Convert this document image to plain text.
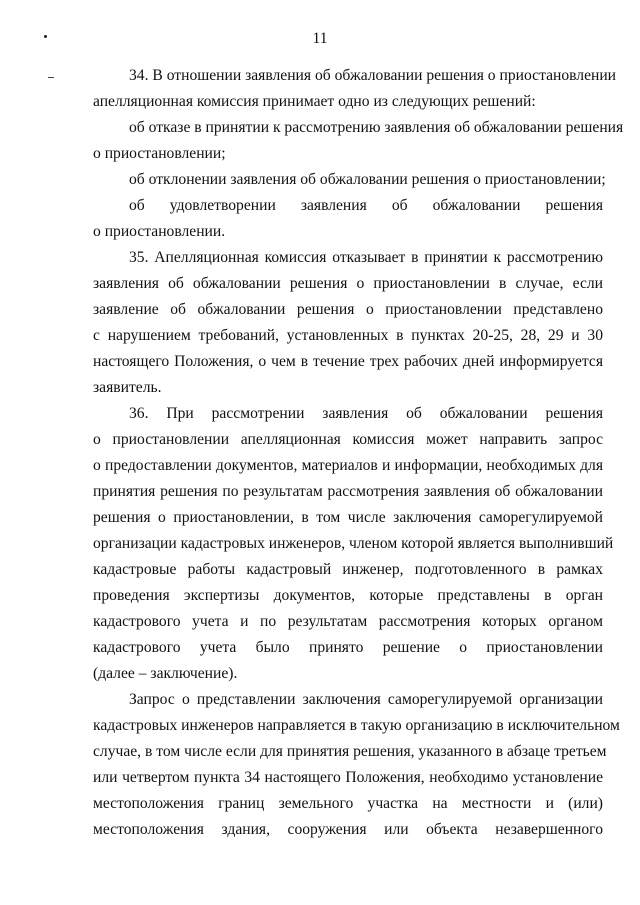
11
34. В отношении заявления об обжаловании решения о приостановлении
апелляционная комиссия принимает одно из следующих решений:
об отказе в принятии к рассмотрению заявления об обжаловании решения
о приостановлении;
об отклонении заявления об обжаловании решения о приостановлении;
об удовлетворении заявления об обжаловании решения
о приостановлении.
35. Апелляционная комиссия отказывает в принятии к рассмотрению
заявления об обжаловании решения о приостановлении в случае, если
заявление об обжаловании решения о приостановлении представлено
с нарушением требований, установленных в пунктах 20-25, 28, 29 и 30
настоящего Положения, о чем в течение трех рабочих дней информируется
заявитель.
36. При рассмотрении заявления об обжаловании решения
о приостановлении апелляционная комиссия может направить запрос
о предоставлении документов, материалов и информации, необходимых для
принятия решения по результатам рассмотрения заявления об обжаловании
решения о приостановлении, в том числе заключения саморегулируемой
организации кадастровых инженеров, членом которой является выполнивший
кадастровые работы кадастровый инженер, подготовленного в рамках
проведения экспертизы документов, которые представлены в орган
кадастрового учета и по результатам рассмотрения которых органом
кадастрового учета было принято решение о приостановлении
(далее – заключение).
Запрос о представлении заключения саморегулируемой организации
кадастровых инженеров направляется в такую организацию в исключительном
случае, в том числе если для принятия решения, указанного в абзаце третьем
или четвертом пункта 34 настоящего Положения, необходимо установление
местоположения границ земельного участка на местности и (или)
местоположения здания, сооружения или объекта незавершенного
